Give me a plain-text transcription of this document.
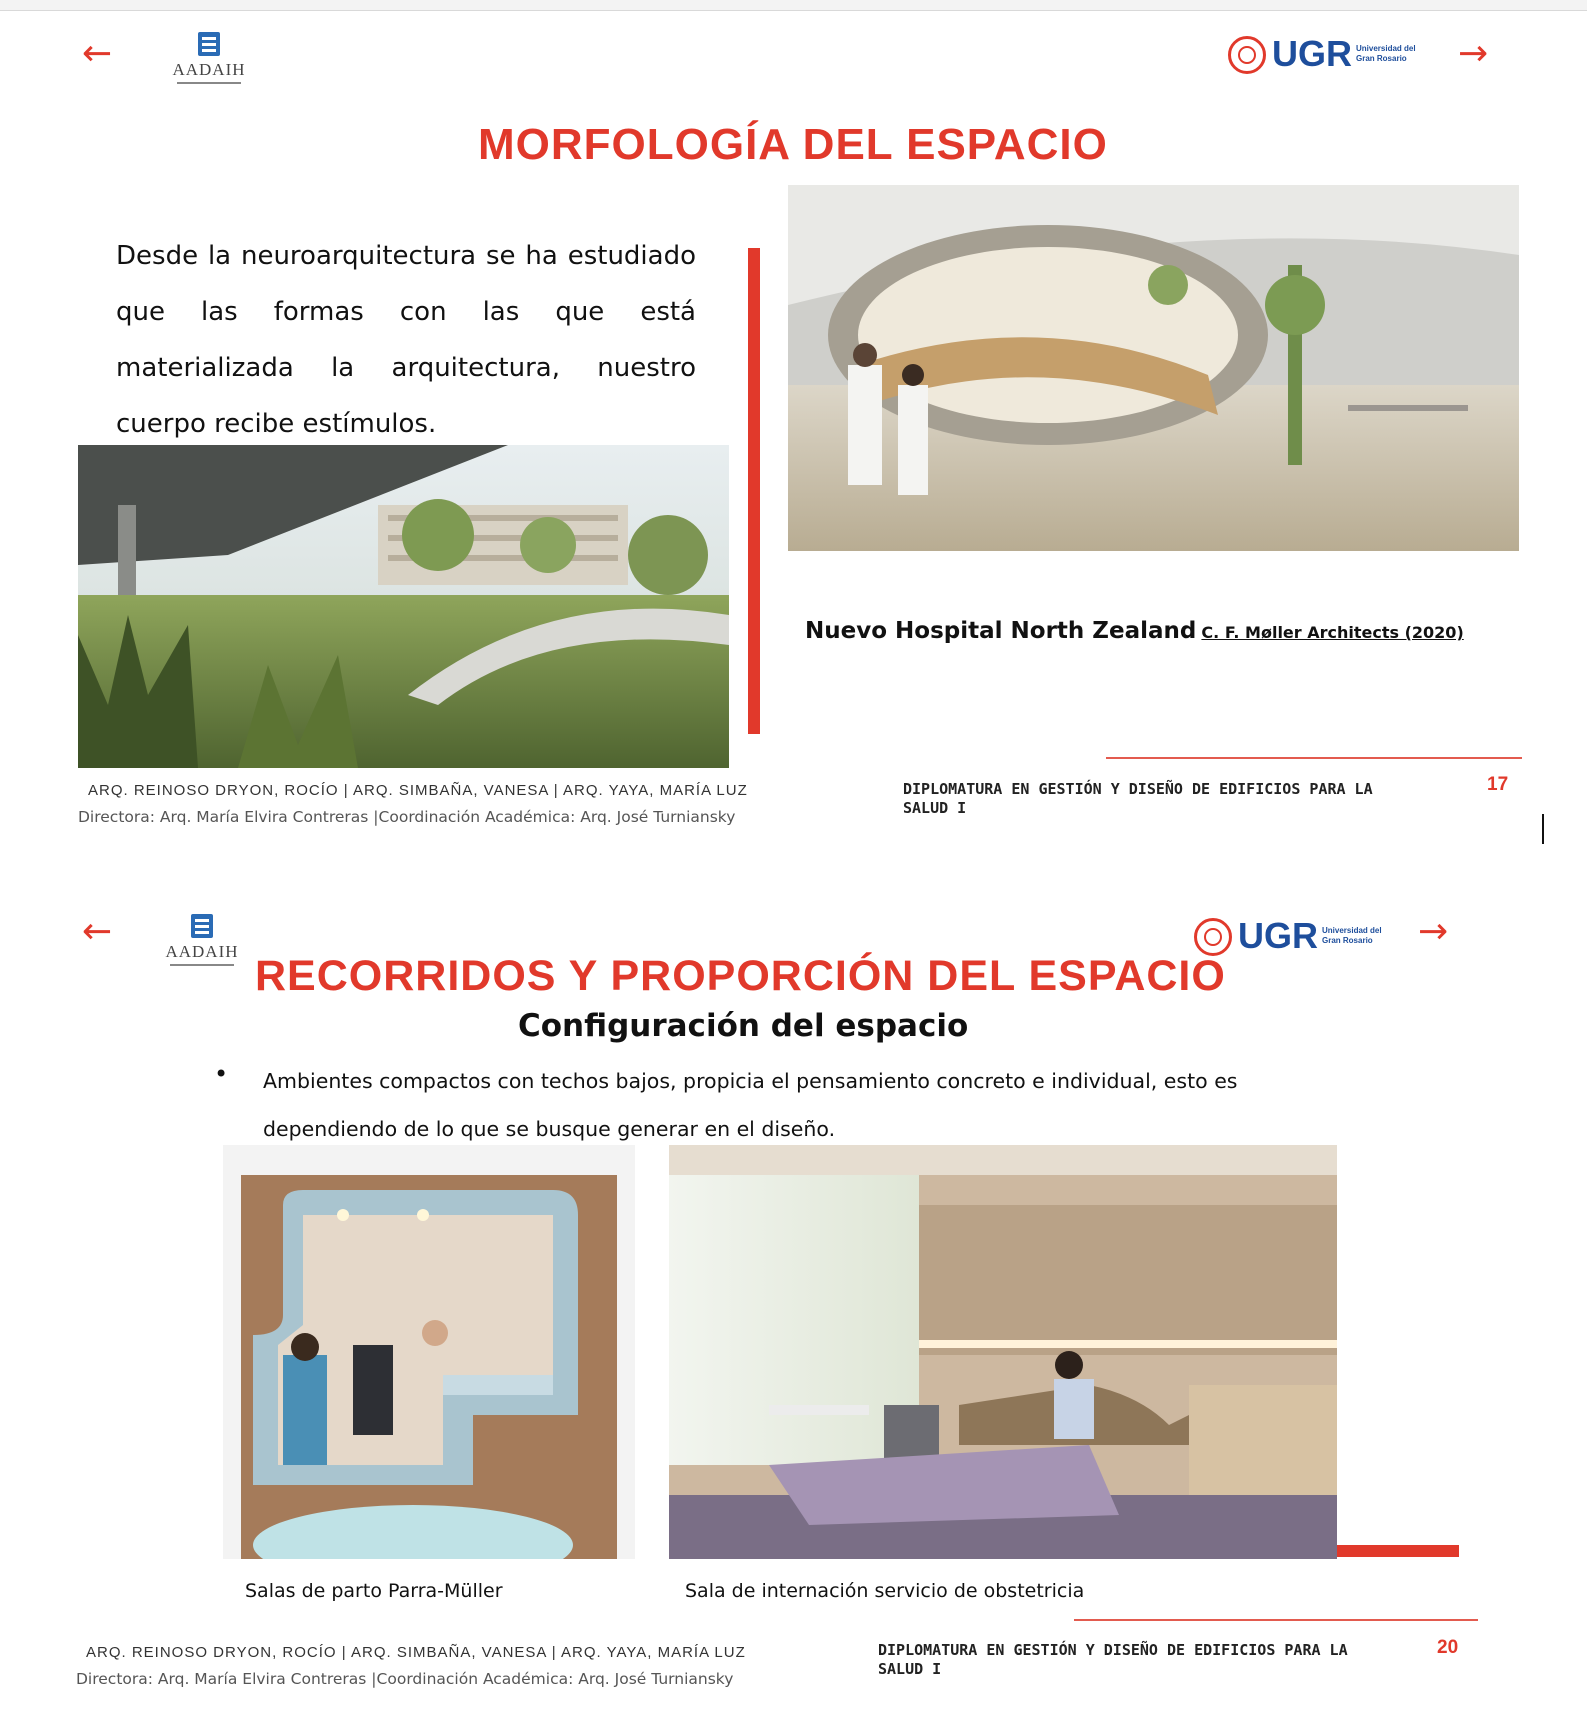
←	AADAIH	UGR Universidad del Gran Rosario	→
MORFOLOGÍA DEL ESPACIO
Desde la neuroarquitectura se ha estudiado que las formas con las que está materializada la arquitectura, nuestro cuerpo recibe estímulos.
Nuevo Hospital North Zealand C. F. Møller Architects (2020)
ARQ. REINOSO DRYON, ROCÍO | ARQ. SIMBAÑA, VANESA | ARQ. YAYA, MARÍA LUZ
Directora: Arq. María Elvira Contreras |Coordinación Académica: Arq. José Turniansky
DIPLOMATURA EN GESTIÓN Y DISEÑO DE EDIFICIOS PARA LA SALUD I
17
←	AADAIH	UGR Universidad del Gran Rosario	→
RECORRIDOS Y PROPORCIÓN DEL ESPACIO
Configuración del espacio
• Ambientes compactos con techos bajos, propicia el pensamiento concreto e individual, esto es dependiendo de lo que se busque generar en el diseño.
Salas de parto Parra-Müller	Sala de internación servicio de obstetricia
ARQ. REINOSO DRYON, ROCÍO | ARQ. SIMBAÑA, VANESA | ARQ. YAYA, MARÍA LUZ
Directora: Arq. María Elvira Contreras |Coordinación Académica: Arq. José Turniansky
DIPLOMATURA EN GESTIÓN Y DISEÑO DE EDIFICIOS PARA LA SALUD I
20
